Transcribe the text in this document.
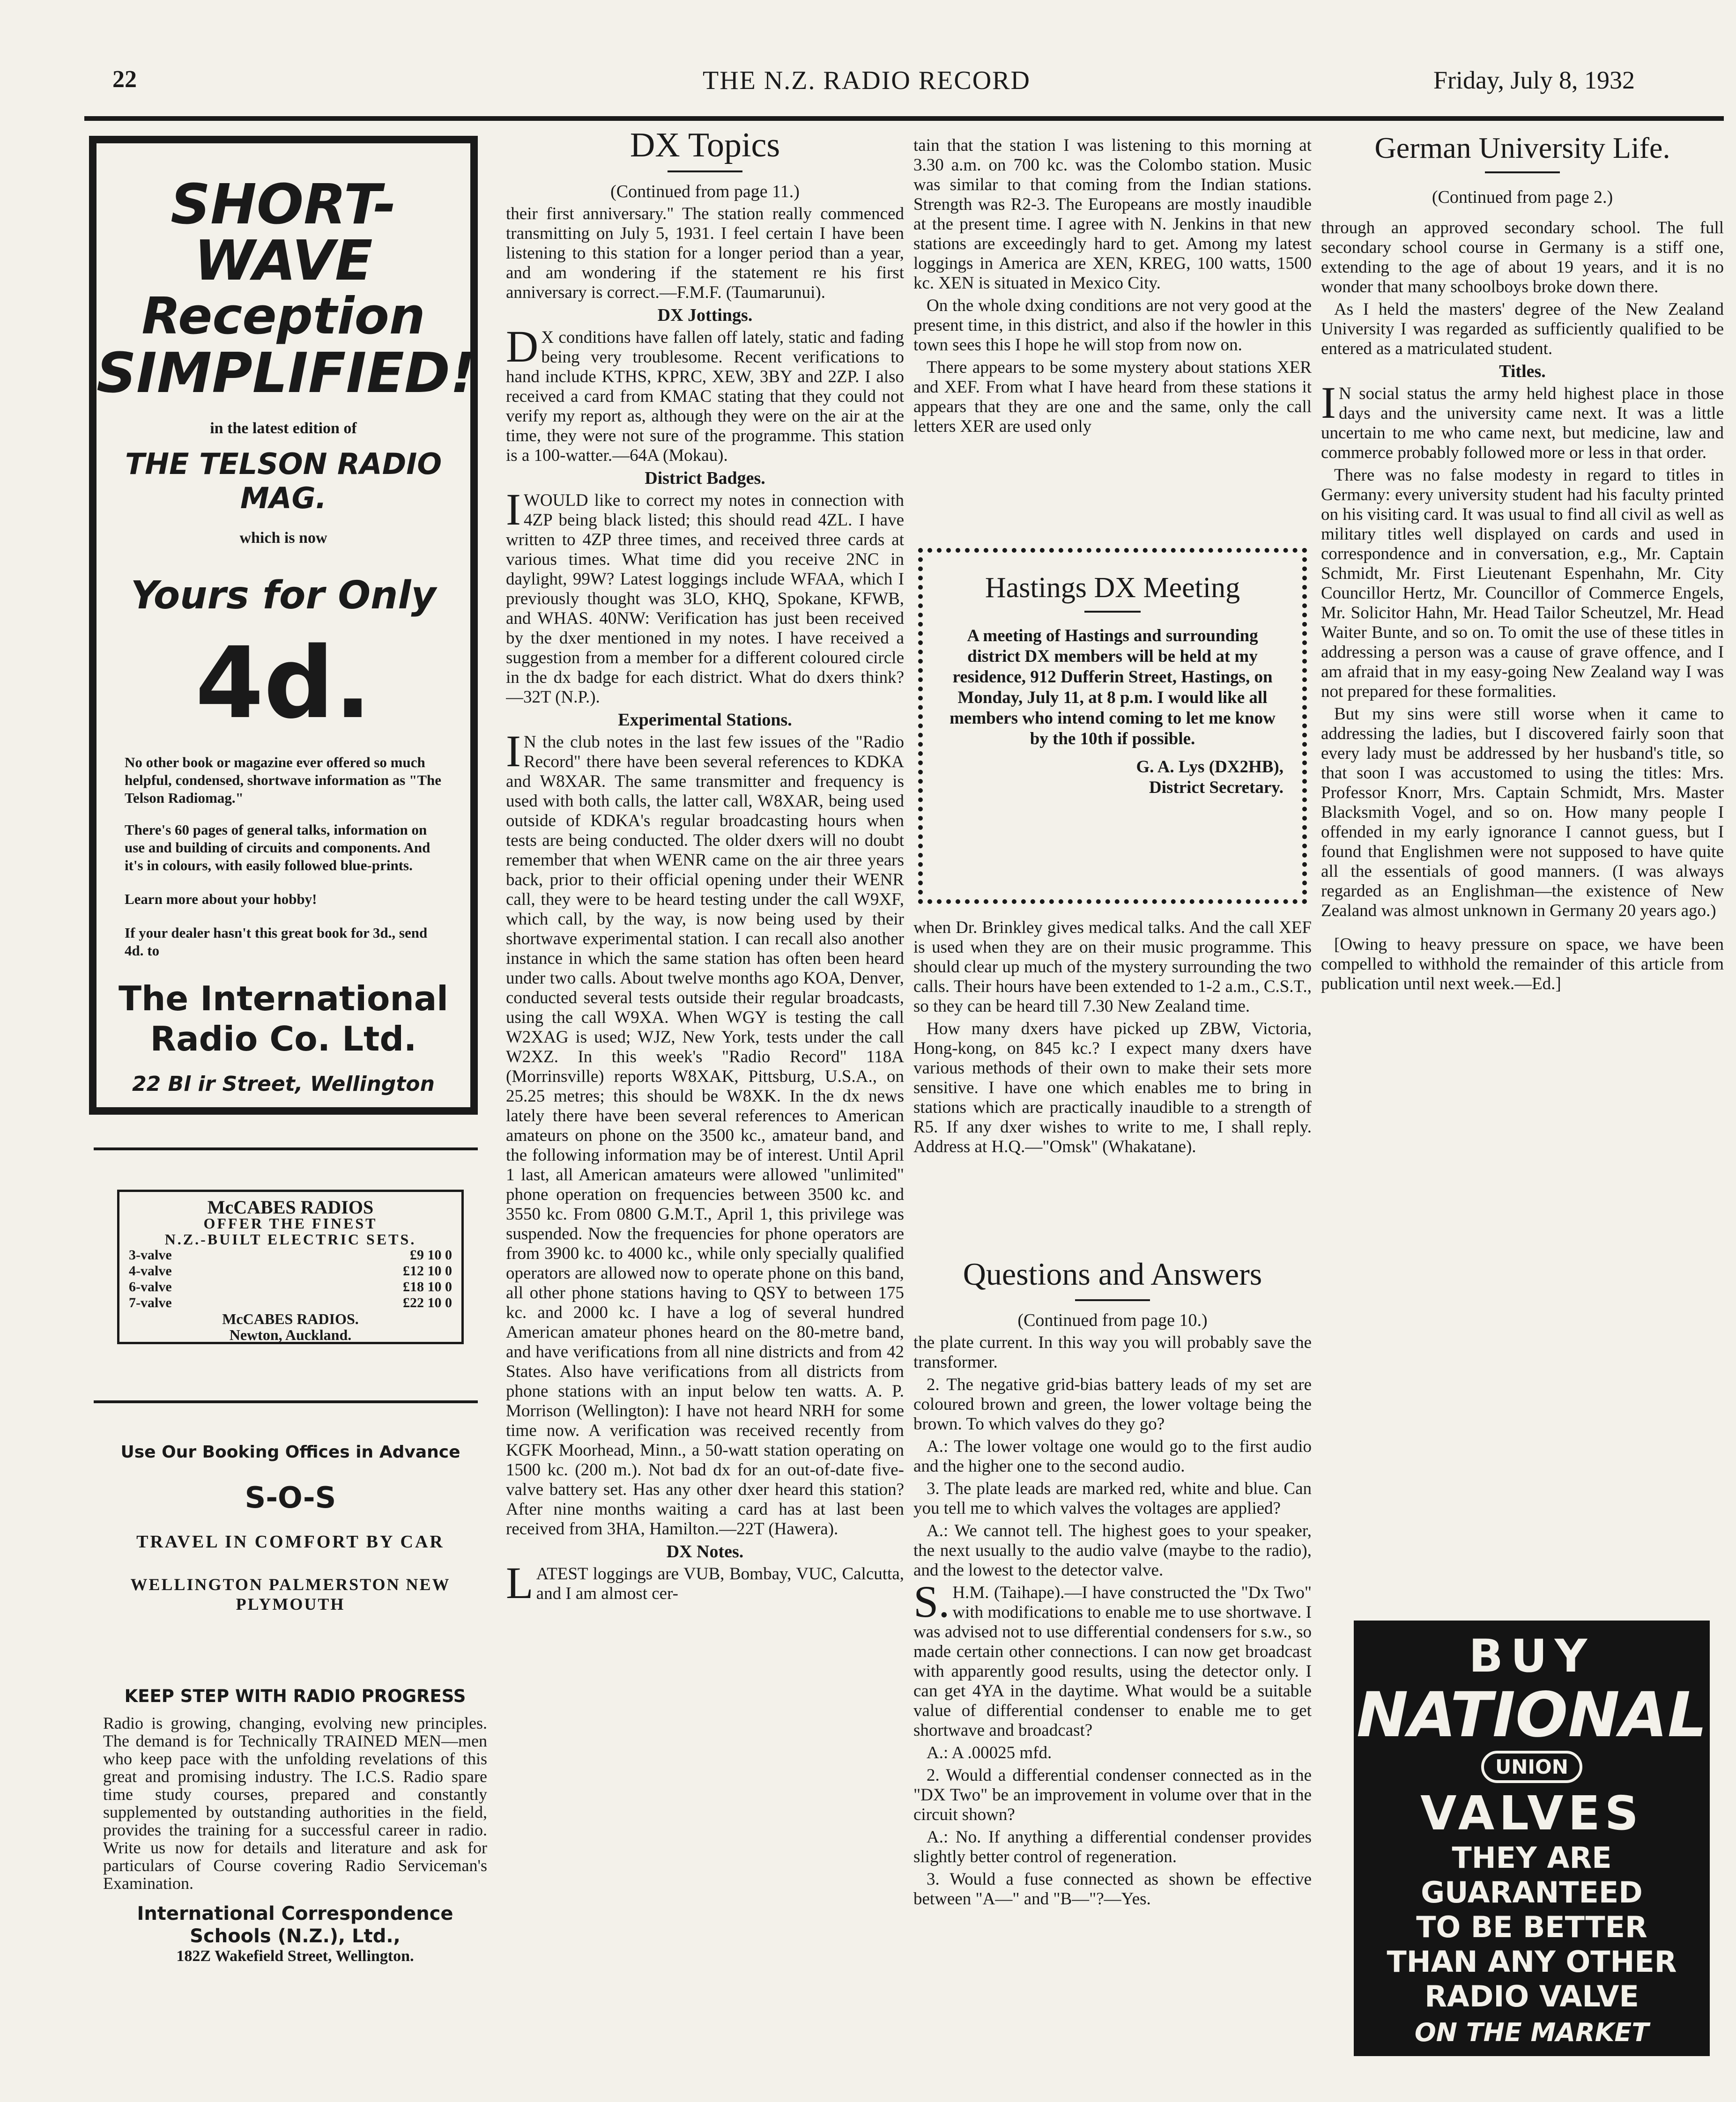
22	THE N.Z. RADIO RECORD	Friday, July 8, 1932
SHORT-WAVE
Reception
SIMPLIFIED!
in the latest edition of
THE TELSON RADIO MAG.
which is now
Yours for Only
4d.
No other book or magazine ever offered so much helpful, condensed, shortwave information as "The Telson Radiomag."
There's 60 pages of general talks, information on use and building of circuits and components. And it's in colours, with easily followed blue-prints.
Learn more about your hobby!
If your dealer hasn't this great book for 3d., send 4d. to
The International Radio Co. Ltd.
22 Bl ir Street, Wellington
McCABES RADIOS
OFFER THE FINEST
N.Z.-BUILT ELECTRIC SETS.
3-valve	£9 10 0
4-valve	£12 10 0
6-valve	£18 10 0
7-valve	£22 10 0
McCABES RADIOS.
Newton, Auckland.
Use Our Booking Offices in Advance
S-O-S
TRAVEL IN COMFORT BY CAR
WELLINGTON PALMERSTON NEW PLYMOUTH
KEEP STEP WITH RADIO PROGRESS
Radio is growing, changing, evolving new principles. The demand is for Technically TRAINED MEN—men who keep pace with the unfolding revelations of this great and promising industry. The I.C.S. Radio spare time study courses, prepared and constantly supplemented by outstanding authorities in the field, provides the training for a successful career in radio. Write us now for details and literature and ask for particulars of Course covering Radio Serviceman's Examination.
International Correspondence Schools (N.Z.), Ltd.,
182Z Wakefield Street, Wellington.
DX Topics

(Continued from page 11.)

their first anniversary." The station really commenced transmitting on July 5, 1931. I feel certain I have been listening to this station for a longer period than a year, and am wondering if the statement re his first anniversary is correct.—F.M.F. (Taumarunui).

DX Jottings.

DX conditions have fallen off lately, static and fading being very troublesome. Recent verifications to hand include KTHS, KPRC, XEW, 3BY and 2ZP. I also received a card from KMAC stating that they could not verify my report as, although they were on the air at the time, they were not sure of the programme. This station is a 100-watter.—64A (Mokau).

District Badges.

IWOULD like to correct my notes in connection with 4ZP being black listed; this should read 4ZL. I have written to 4ZP three times, and received three cards at various times. What time did you receive 2NC in daylight, 99W? Latest loggings include WFAA, which I previously thought was 3LO, KHQ, Spokane, KFWB, and WHAS. 40NW: Verification has just been received by the dxer mentioned in my notes. I have received a suggestion from a member for a different coloured circle in the dx badge for each district. What do dxers think? —32T (N.P.).

Experimental Stations.

IN the club notes in the last few issues of the "Radio Record" there have been several references to KDKA and W8XAR. The same transmitter and frequency is used with both calls, the latter call, W8XAR, being used outside of KDKA's regular broadcasting hours when tests are being conducted. The older dxers will no doubt remember that when WENR came on the air three years back, prior to their official opening under their WENR call, they were to be heard testing under the call W9XF, which call, by the way, is now being used by their shortwave experimental station. I can recall also another instance in which the same station has often been heard under two calls. About twelve months ago KOA, Denver, conducted several tests outside their regular broadcasts, using the call W9XA. When WGY is testing the call W2XAG is used; WJZ, New York, tests under the call W2XZ. In this week's "Radio Record" 118A (Morrinsville) reports W8XAK, Pittsburg, U.S.A., on 25.25 metres; this should be W8XK. In the dx news lately there have been several references to American amateurs on phone on the 3500 kc., amateur band, and the following information may be of interest. Until April 1 last, all American amateurs were allowed "unlimited" phone operation on frequencies between 3500 kc. and 3550 kc. From 0800 G.M.T., April 1, this privilege was suspended. Now the frequencies for phone operators are from 3900 kc. to 4000 kc., while only specially qualified operators are allowed now to operate phone on this band, all other phone stations having to QSY to between 175 kc. and 2000 kc. I have a log of several hundred American amateur phones heard on the 80-metre band, and have verifications from all nine districts and from 42 States. Also have verifications from all districts from phone stations with an input below ten watts. A. P. Morrison (Wellington): I have not heard NRH for some time now. A verification was received recently from KGFK Moorhead, Minn., a 50-watt station operating on 1500 kc. (200 m.). Not bad dx for an out-of-date five-valve battery set. Has any other dxer heard this station? After nine months waiting a card has at last been received from 3HA, Hamilton.—22T (Hawera).

DX Notes.

LATEST loggings are VUB, Bombay, VUC, Calcutta, and I am almost cer-

tain that the station I was listening to this morning at 3.30 a.m. on 700 kc. was the Colombo station. Music was similar to that coming from the Indian stations. Strength was R2-3. The Europeans are mostly inaudible at the present time. I agree with N. Jenkins in that new stations are exceedingly hard to get. Among my latest loggings in America are XEN, KREG, 100 watts, 1500 kc. XEN is situated in Mexico City.

On the whole dxing conditions are not very good at the present time, in this district, and also if the howler in this town sees this I hope he will stop from now on.

There appears to be some mystery about stations XER and XEF. From what I have heard from these stations it appears that they are one and the same, only the call letters XER are used only

Hastings DX Meeting
A meeting of Hastings and surrounding district DX members will be held at my residence, 912 Dufferin Street, Hastings, on Monday, July 11, at 8 p.m. I would like all members who intend coming to let me know by the 10th if possible.
G. A. Lys (DX2HB),
District Secretary.

when Dr. Brinkley gives medical talks. And the call XEF is used when they are on their music programme. This should clear up much of the mystery surrounding the two calls. Their hours have been extended to 1-2 a.m., C.S.T., so they can be heard till 7.30 New Zealand time.

How many dxers have picked up ZBW, Victoria, Hong-kong, on 845 kc.? I expect many dxers have various methods of their own to make their sets more sensitive. I have one which enables me to bring in stations which are practically inaudible to a strength of R5. If any dxer wishes to write to me, I shall reply. Address at H.Q.—"Omsk" (Whakatane).

Questions and Answers

(Continued from page 10.)

the plate current. In this way you will probably save the transformer.

2. The negative grid-bias battery leads of my set are coloured brown and green, the lower voltage being the brown. To which valves do they go?

A.: The lower voltage one would go to the first audio and the higher one to the second audio.

3. The plate leads are marked red, white and blue. Can you tell me to which valves the voltages are applied?

A.: We cannot tell. The highest goes to your speaker, the next usually to the audio valve (maybe to the radio), and the lowest to the detector valve.

S.H.M. (Taihape).—I have constructed the "Dx Two" with modifications to enable me to use shortwave. I was advised not to use differential condensers for s.w., so made certain other connections. I can now get broadcast with apparently good results, using the detector only. I can get 4YA in the daytime. What would be a suitable value of differential condenser to enable me to get shortwave and broadcast?

A.: A .00025 mfd.

2. Would a differential condenser connected as in the "DX Two" be an improvement in volume over that in the circuit shown?

A.: No. If anything a differential condenser provides slightly better control of regeneration.

3. Would a fuse connected as shown be effective between "A—" and "B—"?—Yes.

German University Life.

(Continued from page 2.)

through an approved secondary school. The full secondary school course in Germany is a stiff one, extending to the age of about 19 years, and it is no wonder that many schoolboys broke down there.

As I held the masters' degree of the New Zealand University I was regarded as sufficiently qualified to be entered as a matriculated student.

Titles.

IN social status the army held highest place in those days and the university came next. It was a little uncertain to me who came next, but medicine, law and commerce probably followed more or less in that order.

There was no false modesty in regard to titles in Germany: every university student had his faculty printed on his visiting card. It was usual to find all civil as well as military titles well displayed on cards and used in correspondence and in conversation, e.g., Mr. Captain Schmidt, Mr. First Lieutenant Espenhahn, Mr. City Councillor Hertz, Mr. Councillor of Commerce Engels, Mr. Solicitor Hahn, Mr. Head Tailor Scheutzel, Mr. Head Waiter Bunte, and so on. To omit the use of these titles in addressing a person was a cause of grave offence, and I am afraid that in my easy-going New Zealand way I was not prepared for these formalities.

But my sins were still worse when it came to addressing the ladies, but I discovered fairly soon that every lady must be addressed by her husband's title, so that soon I was accustomed to using the titles: Mrs. Professor Knorr, Mrs. Captain Schmidt, Mrs. Master Blacksmith Vogel, and so on. How many people I offended in my early ignorance I cannot guess, but I found that Englishmen were not supposed to have quite all the essentials of good manners. (I was always regarded as an Englishman—the existence of New Zealand was almost unknown in Germany 20 years ago.)

[Owing to heavy pressure on space, we have been compelled to withhold the remainder of this article from publication until next week.—Ed.]

BUY
NATIONAL
UNION
VALVES
THEY ARE
GUARANTEED
TO BE BETTER
THAN ANY OTHER
RADIO VALVE
ON THE MARKET
